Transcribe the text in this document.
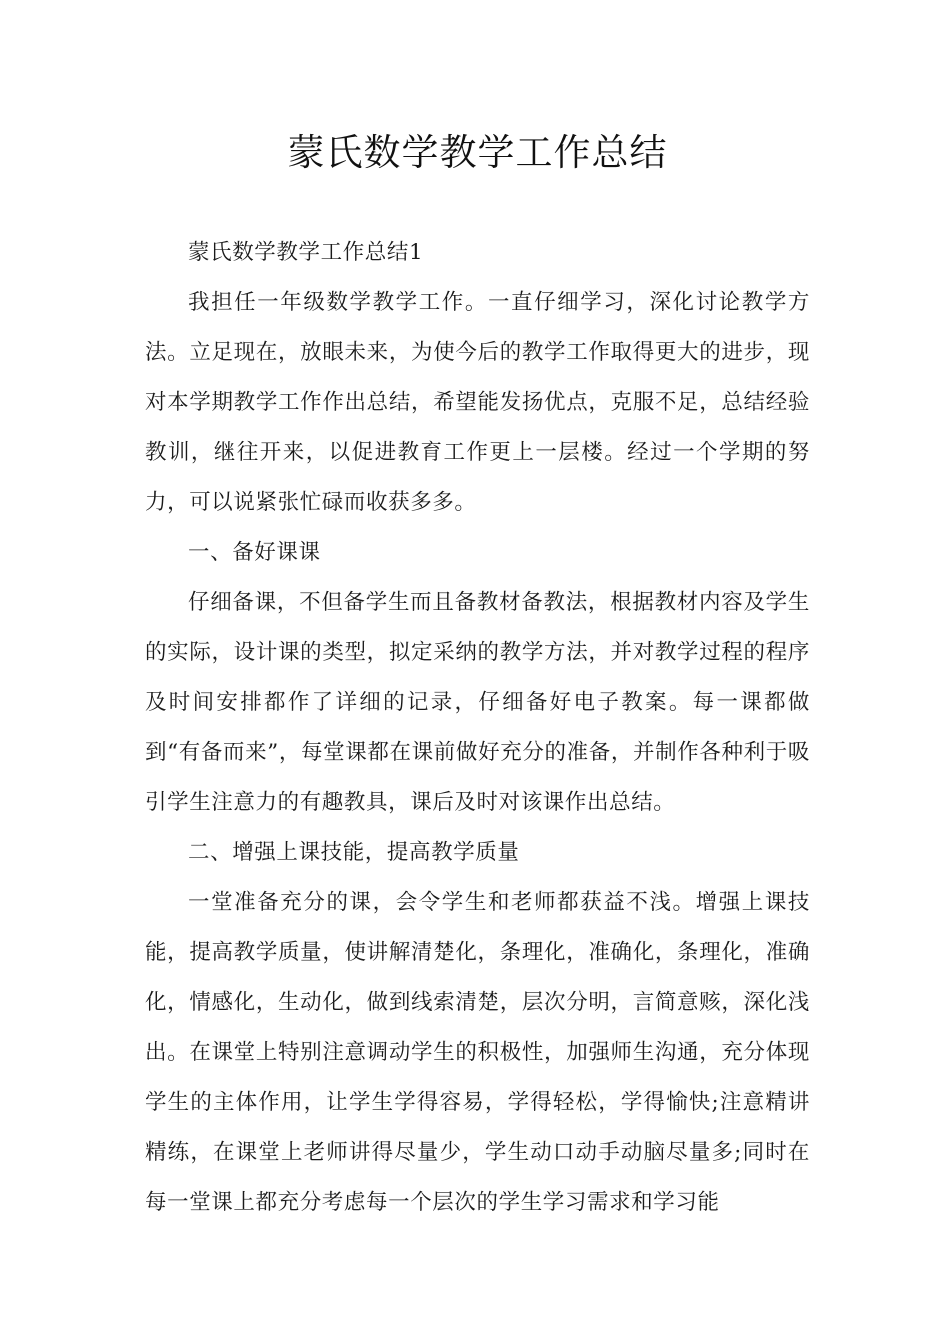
蒙氏数学教学工作总结

蒙氏数学教学工作总结1

我担任一年级数学教学工作。一直仔细学习，深化讨论教学方法。立足现在，放眼未来，为使今后的教学工作取得更大的进步，现对本学期教学工作作出总结，希望能发扬优点，克服不足，总结经验教训，继往开来，以促进教育工作更上一层楼。经过一个学期的努力，可以说紧张忙碌而收获多多。

一、备好课课

仔细备课，不但备学生而且备教材备教法，根据教材内容及学生的实际，设计课的类型，拟定采纳的教学方法，并对教学过程的程序及时间安排都作了详细的记录，仔细备好电子教案。每一课都做到“有备而来”，每堂课都在课前做好充分的准备，并制作各种利于吸引学生注意力的有趣教具，课后及时对该课作出总结。

二、增强上课技能，提高教学质量

一堂准备充分的课，会令学生和老师都获益不浅。增强上课技能，提高教学质量，使讲解清楚化，条理化，准确化，条理化，准确化，情感化，生动化，做到线索清楚，层次分明，言简意赅，深化浅出。在课堂上特别注意调动学生的积极性，加强师生沟通，充分体现学生的主体作用，让学生学得容易，学得轻松，学得愉快;注意精讲精练，在课堂上老师讲得尽量少，学生动口动手动脑尽量多;同时在每一堂课上都充分考虑每一个层次的学生学习需求和学习能
